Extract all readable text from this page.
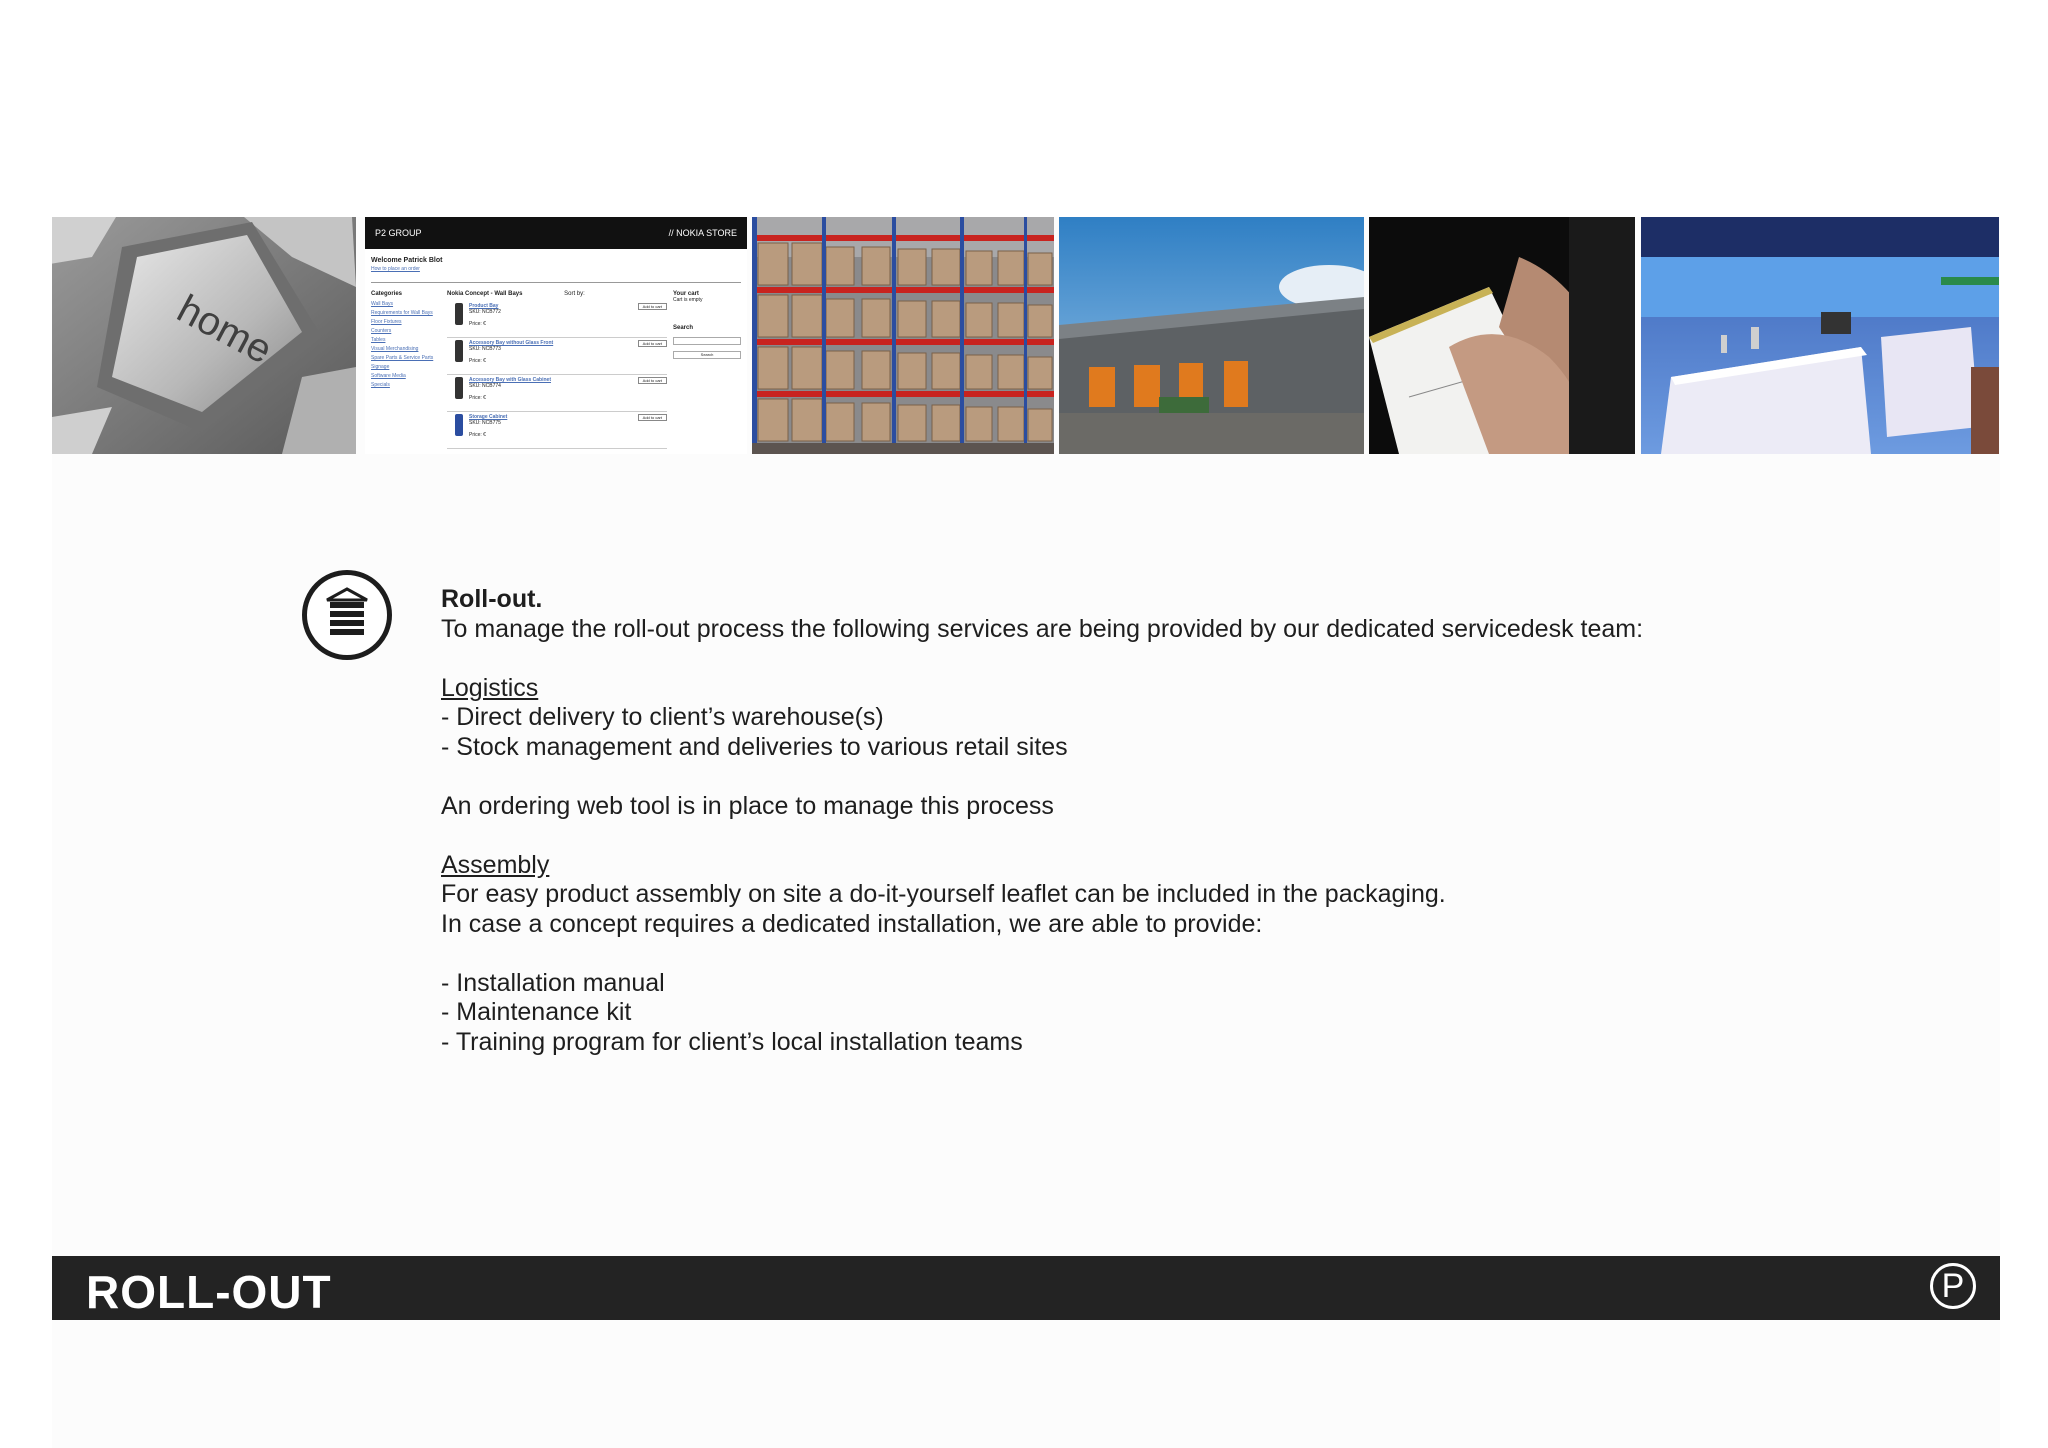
home
P2 GROUP	// NOKIA STORE
Welcome Patrick Blot
How to place an order
Categories
Wall Bays
Requirements for Wall Bays
Floor Fixtures
Counters
Tables
Visual Merchandising
Spare Parts & Service Parts
Signage
Software Media
Specials
Nokia Concept - Wall Bays	Sort by:
Product Bay
SKU: NCB772
Price: €
Add to cart
Accessory Bay without Glass Front
SKU: NCB773
Price: €
Add to cart
Accessory Bay with Glass Cabinet
SKU: NCB774
Price: €
Add to cart
Storage Cabinet
SKU: NCB775
Price: €
Add to cart
Your cart
Cart is empty
Search
Search
Roll-out.
To manage the roll-out process the following services are being provided by our dedicated servicedesk team:
Logistics
- Direct delivery to client’s warehouse(s)
- Stock management and deliveries to various retail sites
An ordering web tool is in place to manage this process
Assembly
For easy product assembly on site a do-it-yourself leaflet can be included in the packaging.
In case a concept requires a dedicated installation, we are able to provide:
- Installation manual
- Maintenance kit
- Training program for client’s local installation teams
ROLL-OUT	P
